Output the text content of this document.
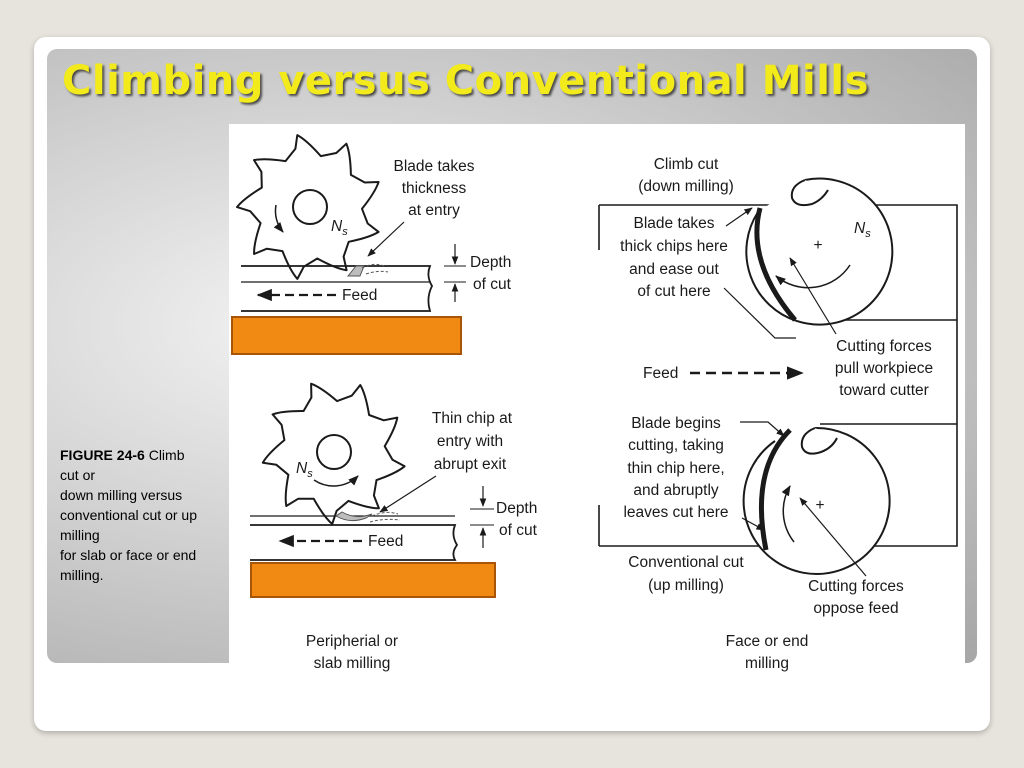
Climbing versus Conventional Mills
FIGURE 24-6 Climb
cut or
down milling versus
conventional cut or up
milling
for slab or face or end
milling.
$N_s$
Depth
of cut
Feed
Blade takes
thickness
at entry
$N_s$
Depth
of cut
Feed
Thin chip at
entry with
abrupt exit
Peripherial or
slab milling
+
$N_s$
+
Climb cut
(down milling)
Blade takes
thick chips here
and ease out
of cut here
Cutting forces
pull workpiece
toward cutter
Feed
Blade begins
cutting, taking
thin chip here,
and abruptly
leaves cut here
Conventional cut
(up milling)	Cutting forces
oppose feed
Face or end
milling
